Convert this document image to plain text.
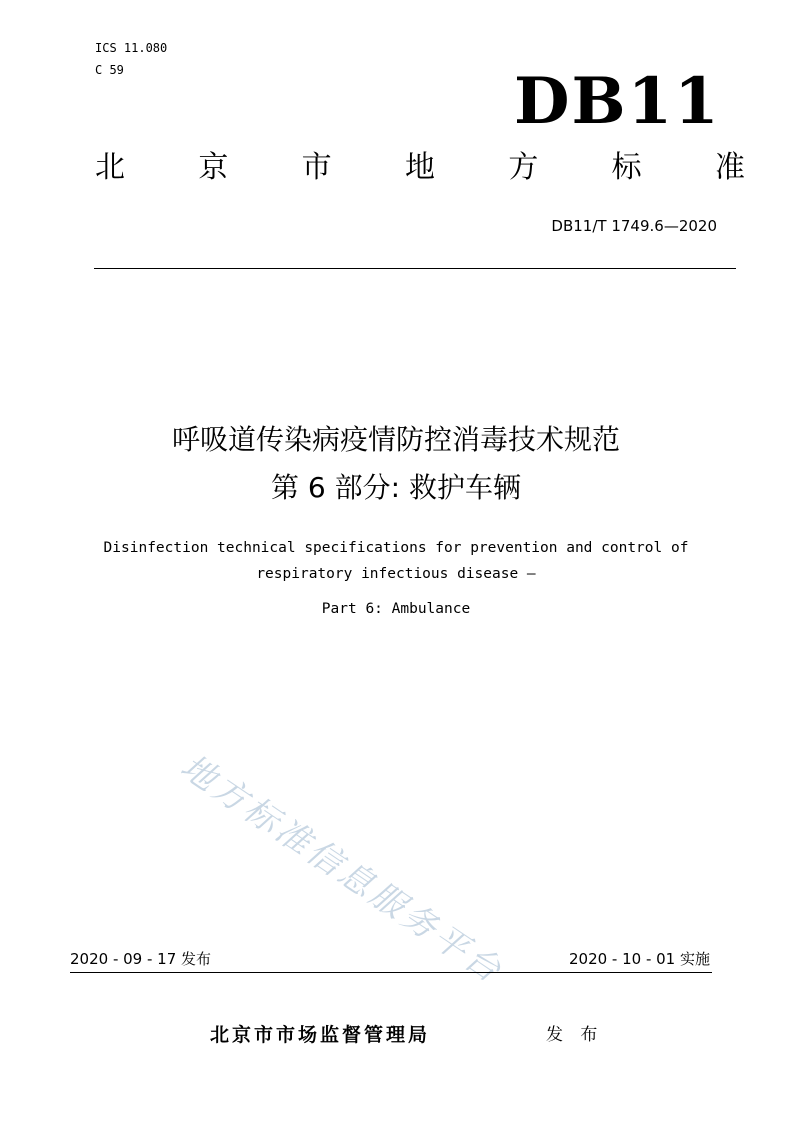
ICS 11.080
C 59	DB11
北 京 市 地 方 标 准
DB11/T 1749.6—2020
呼吸道传染病疫情防控消毒技术规范
第 6 部分: 救护车辆
Disinfection technical specifications for prevention and control of
respiratory infectious disease —
Part 6: Ambulance
地方标准信息服务平台
2020 - 09 - 17 发布	2020 - 10 - 01 实施
北京市市场监督管理局	发 布
